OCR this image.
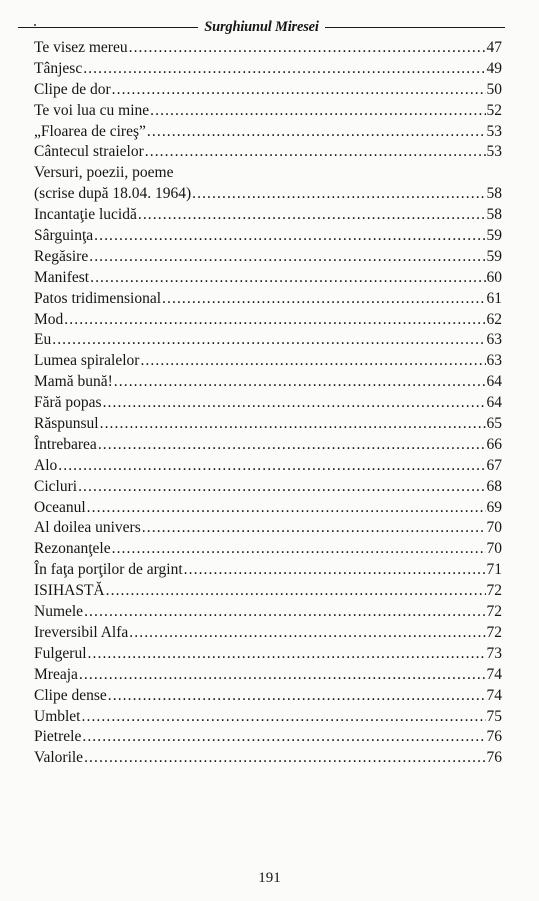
Surghiunul Miresei
Te visez mereu .....	47
Tânjesc .....	49
Clipe de dor .....	50
Te voi lua cu mine .....	52
„Floarea de cireş” .....	53
Cântecul straielor .....	53
Versuri, poezii, poeme
(scrise după 18.04. 1964) .....	58
Incantaţie lucidă .....	58
Sârguinţa .....	59
Regăsire .....	59
Manifest .....	60
Patos tridimensional .....	61
Mod .....	62
Eu .....	63
Lumea spiralelor .....	63
Mamă bună! .....	64
Fără popas .....	64
Răspunsul .....	65
Întrebarea .....	66
Alo .....	67
Cicluri .....	68
Oceanul .....	69
Al doilea univers .....	70
Rezonanţele .....	70
În faţa porţilor de argint .....	71
ISIHASTĂ .....	72
Numele .....	72
Ireversibil Alfa .....	72
Fulgerul .....	73
Mreaja .....	74
Clipe dense .....	74
Umblet .....	75
Pietrele .....	76
Valorile .....	76
191
